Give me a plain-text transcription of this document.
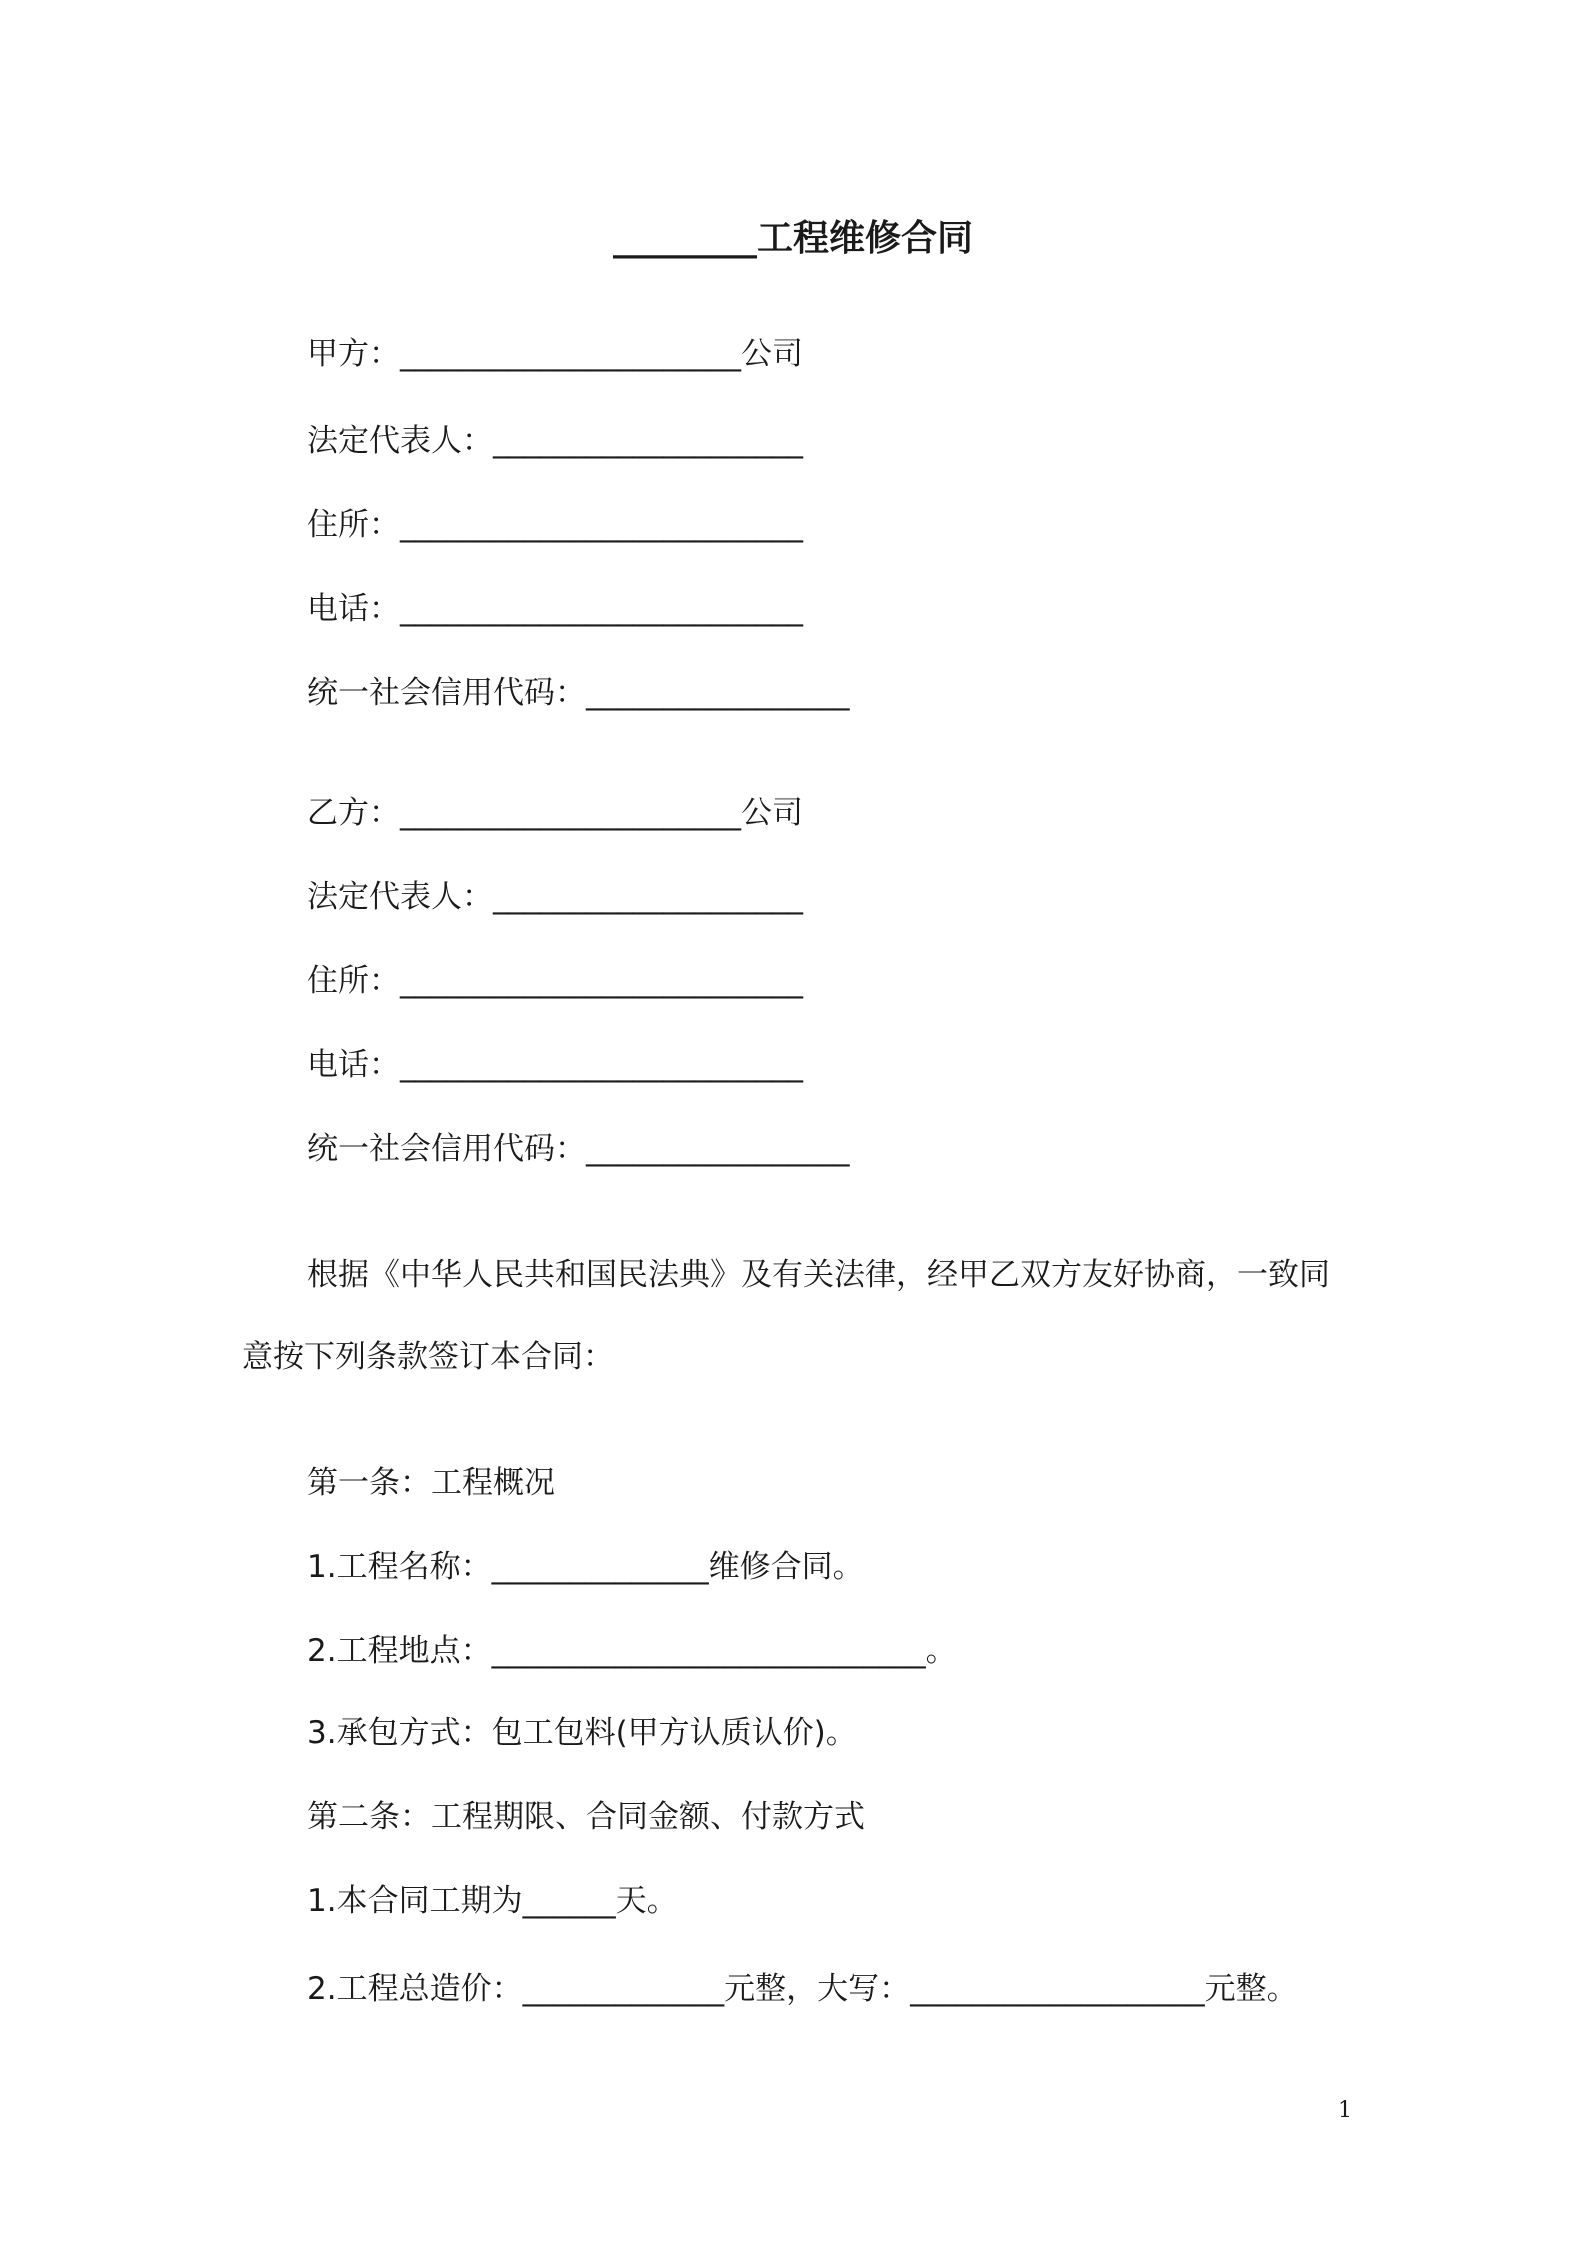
________工程维修合同
甲方：______________________公司
法定代表人：____________________
住所：__________________________
电话：__________________________
统一社会信用代码：_________________
乙方：______________________公司
法定代表人：____________________
住所：__________________________
电话：__________________________
统一社会信用代码：_________________
根据《中华人民共和国民法典》及有关法律，经甲乙双方友好协商，一致同
意按下列条款签订本合同：
第一条：工程概况
1.工程名称：______________维修合同。
2.工程地点：____________________________。
3.承包方式：包工包料(甲方认质认价)。
第二条：工程期限、合同金额、付款方式
1.本合同工期为______天。
2.工程总造价：_____________元整，大写：___________________元整。
1
